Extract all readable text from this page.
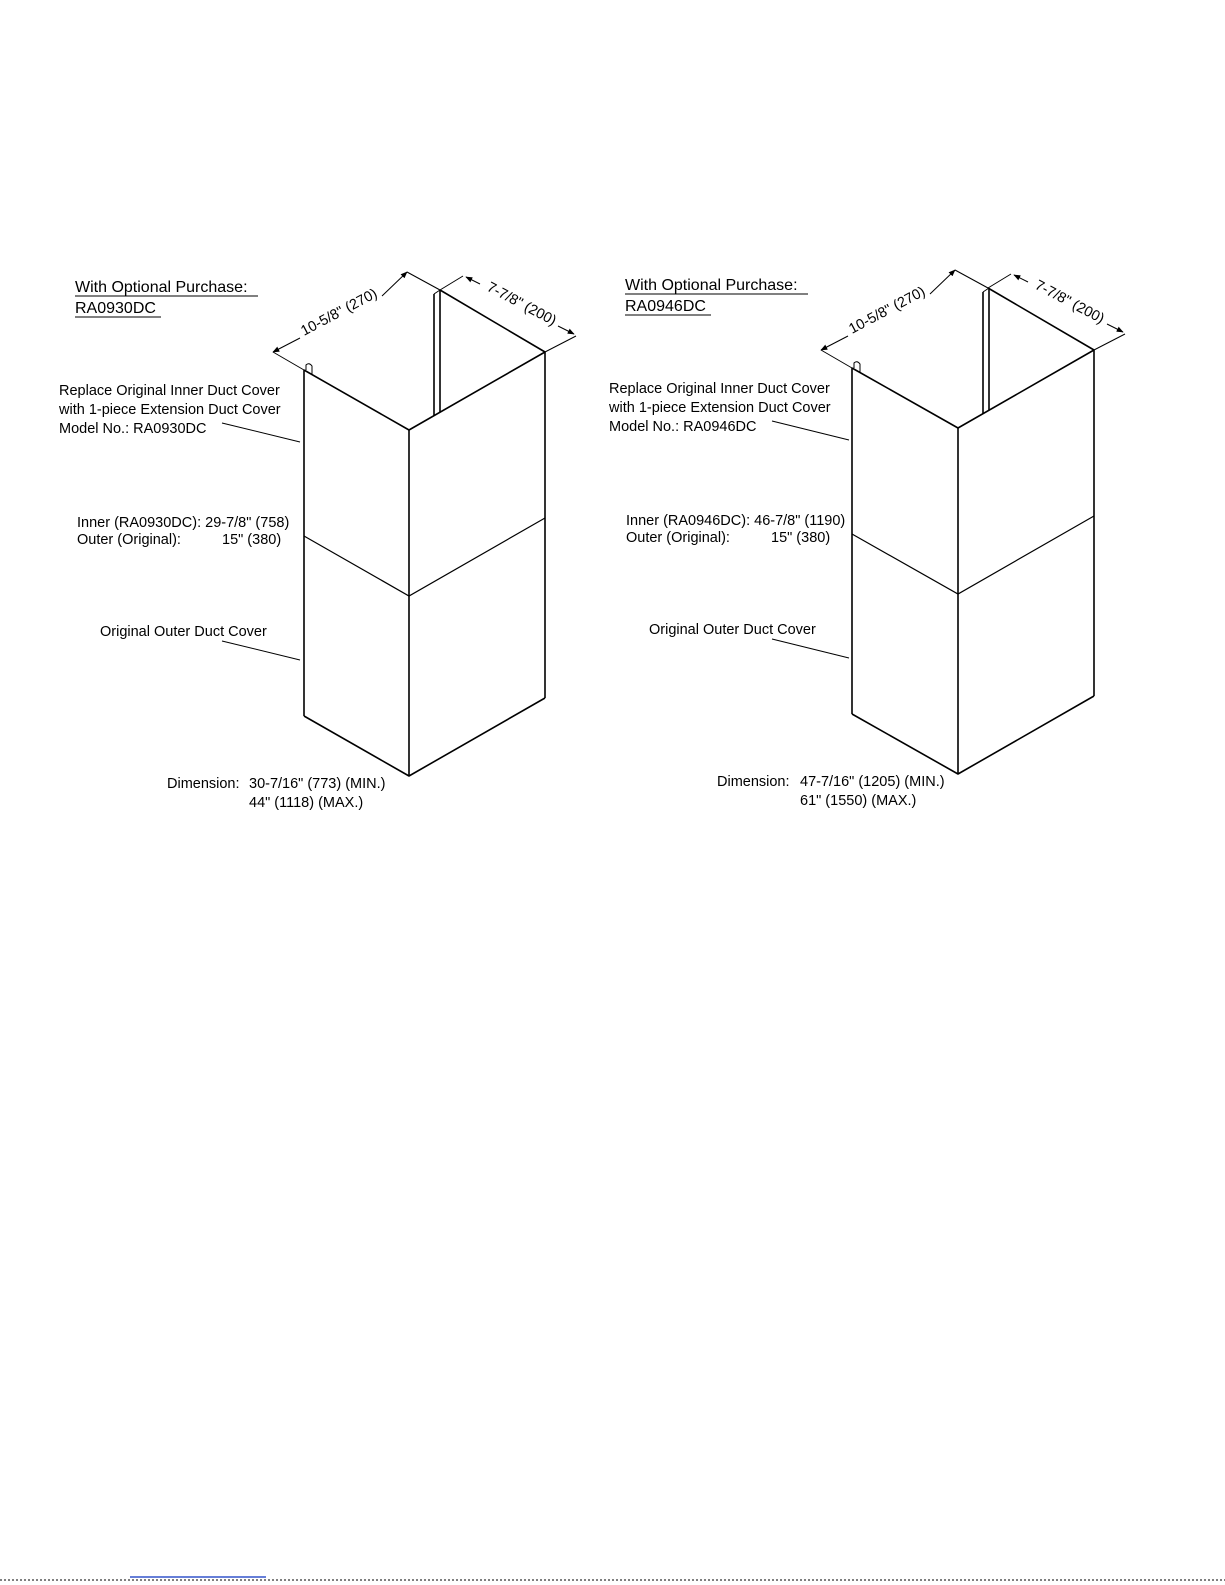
With Optional Purchase:
RA0930DC	10-5/8" (270)	7-7/8" (200)
Replace Original Inner Duct Cover
with 1-piece Extension Duct Cover
Model No.: RA0930DC
Inner (RA0930DC): 29-7/8" (758)
Outer (Original):	15" (380)
Original Outer Duct Cover
Dimension: 30-7/16" (773) (MIN.)
44" (1118) (MAX.)
With Optional Purchase:
RA0946DC	10-5/8" (270)	7-7/8" (200)
Replace Original Inner Duct Cover
with 1-piece Extension Duct Cover
Model No.: RA0946DC
Inner (RA0946DC): 46-7/8" (1190)
Outer (Original):	15" (380)
Original Outer Duct Cover
Dimension: 47-7/16" (1205) (MIN.)
61" (1550) (MAX.)
